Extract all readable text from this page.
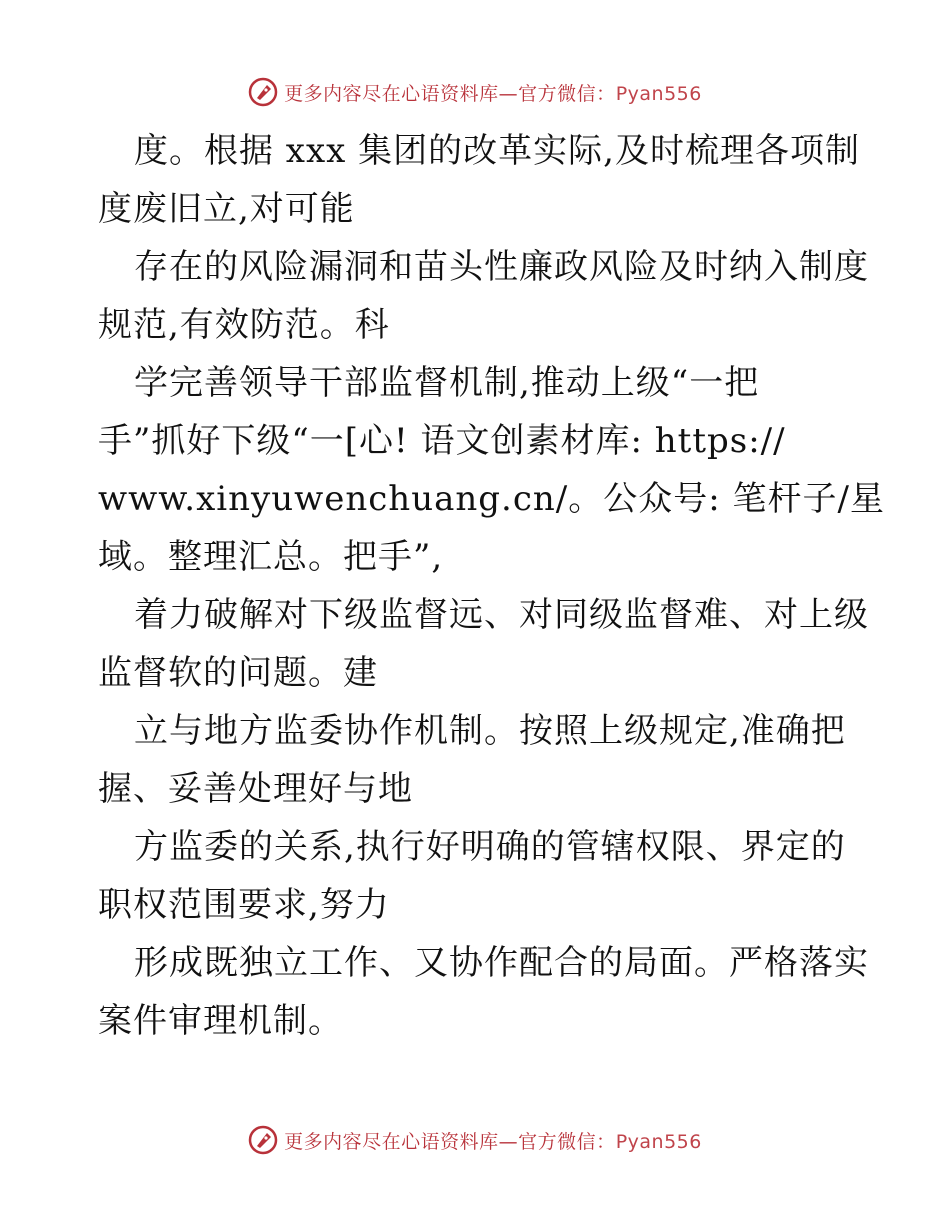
更多内容尽在心语资料库—官方微信：Pyan556
度。根据 xxx 集团的改革实际,及时梳理各项制
度废旧立,对可能
存在的风险漏洞和苗头性廉政风险及时纳入制度
规范,有效防范。科
学完善领导干部监督机制,推动上级“一把
手”抓好下级“一[心! 语文创素材库: https://
www.xinyuwenchuang.cn/。公众号: 笔杆子/星
域。整理汇总。把手”,
着力破解对下级监督远、对同级监督难、对上级
监督软的问题。建
立与地方监委协作机制。按照上级规定,准确把
握、妥善处理好与地
方监委的关系,执行好明确的管辖权限、界定的
职权范围要求,努力
形成既独立工作、又协作配合的局面。严格落实
案件审理机制。
更多内容尽在心语资料库—官方微信：Pyan556
